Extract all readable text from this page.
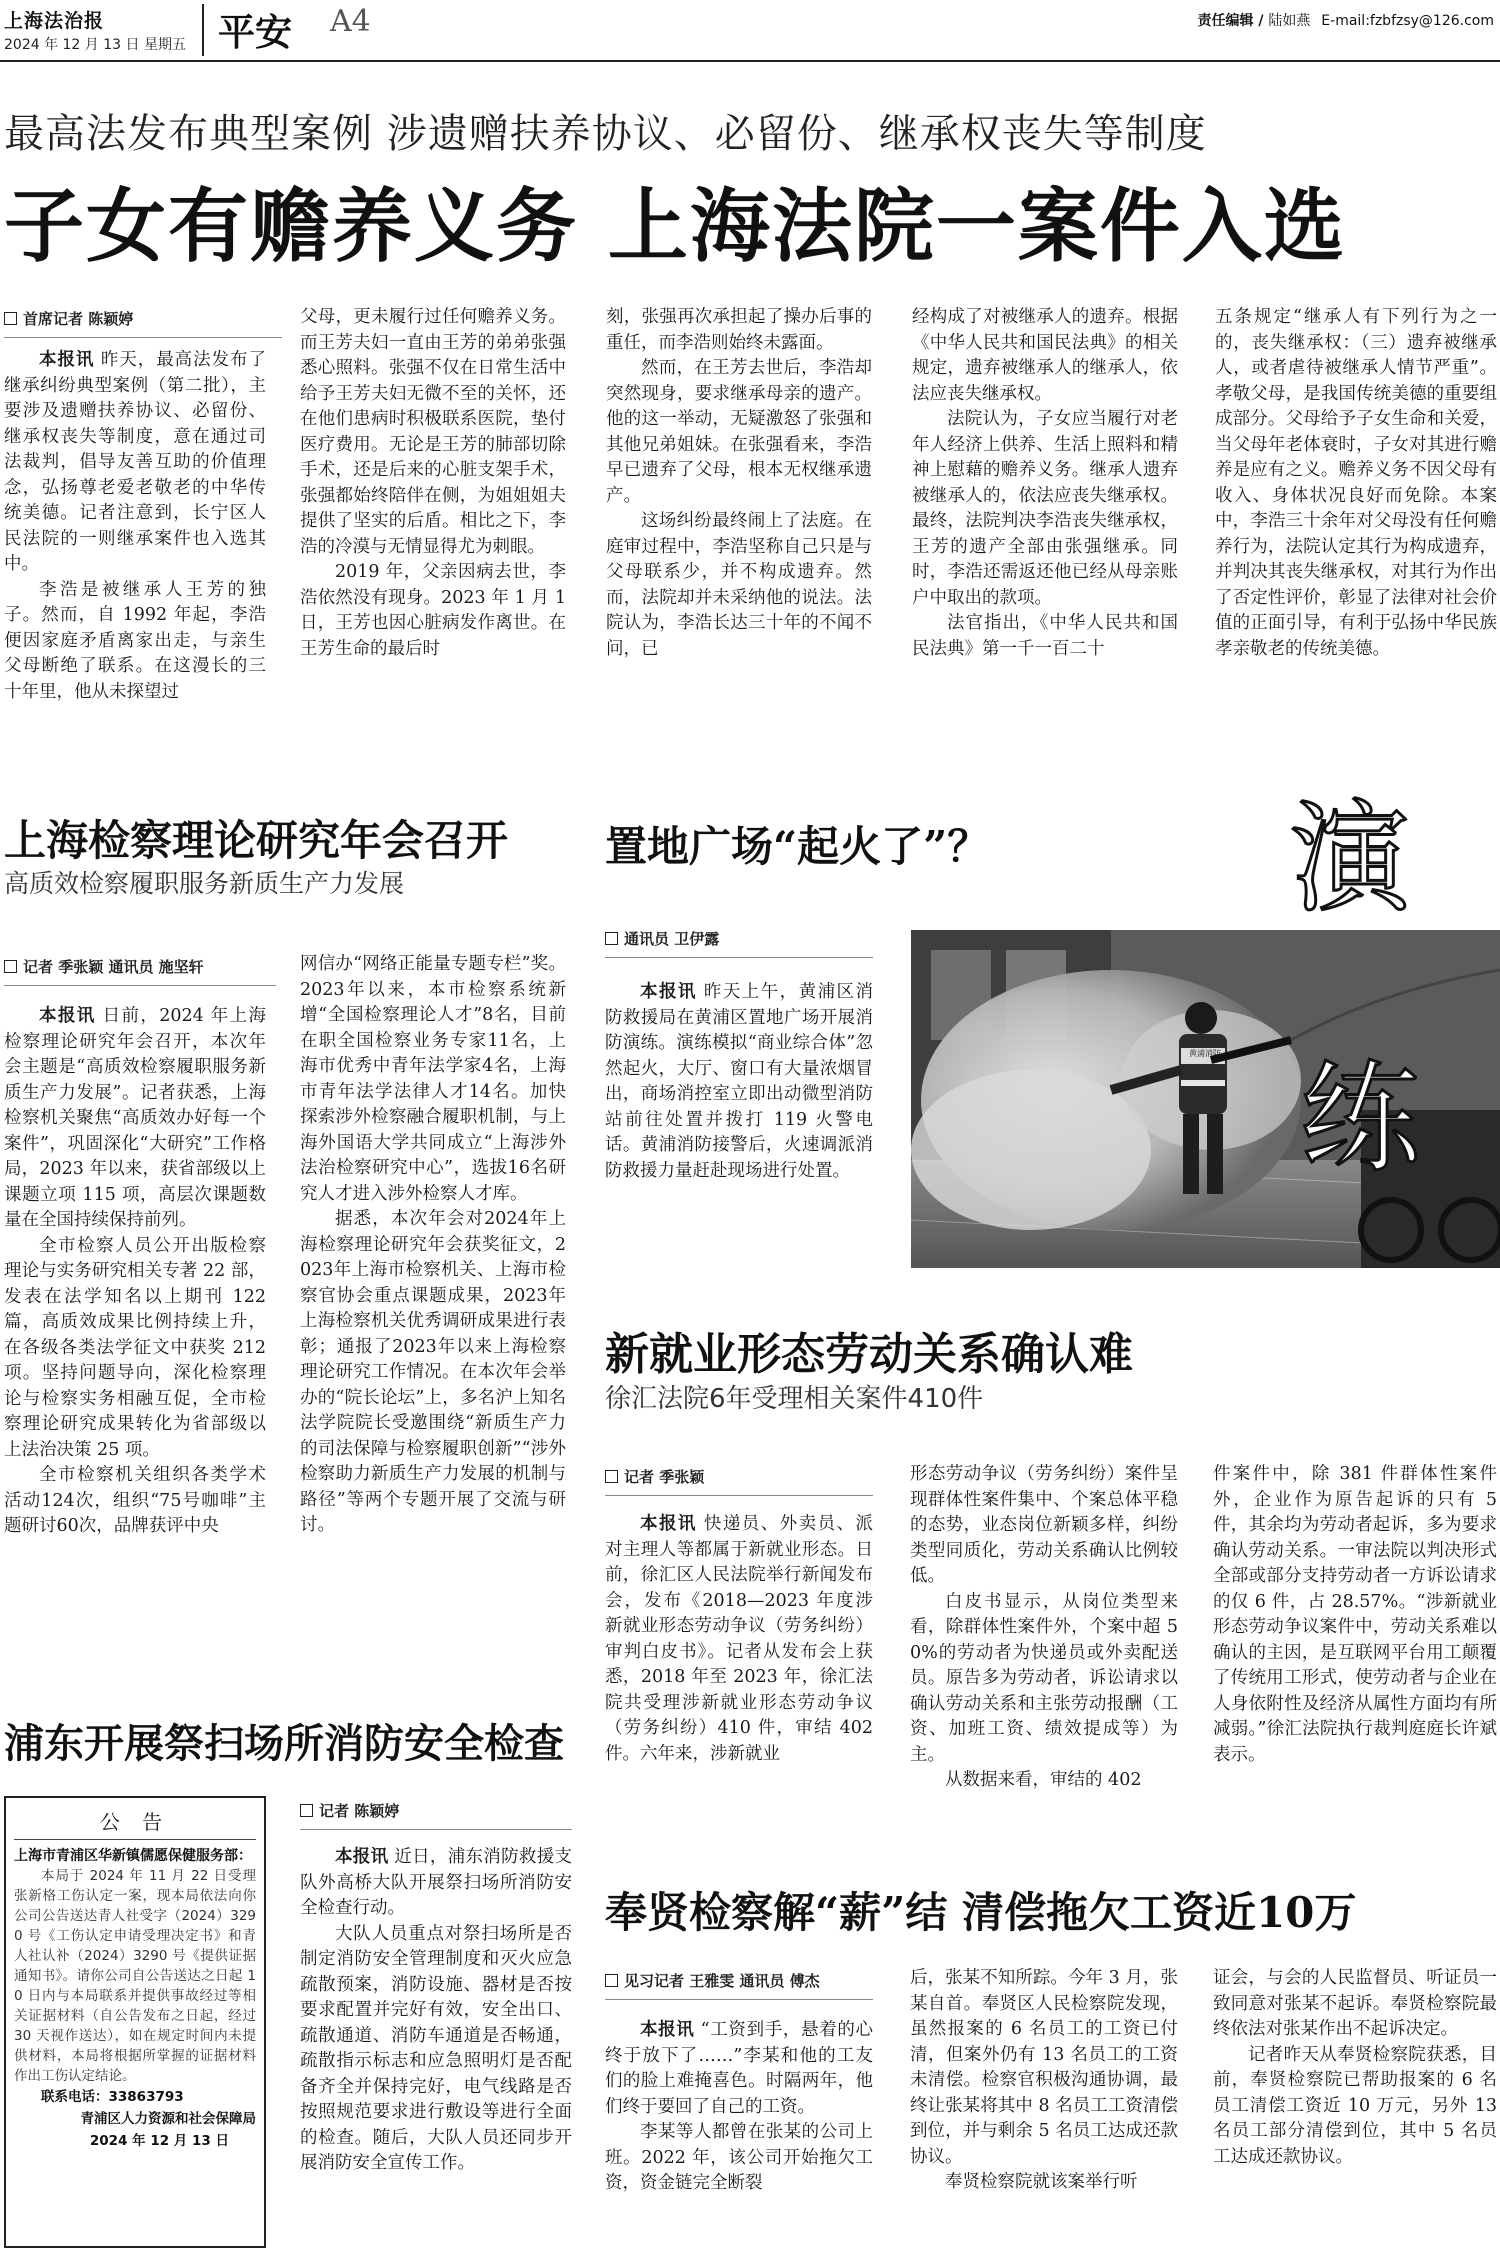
上海法治报
2024 年 12 月 13 日 星期五 平安 A4	责任编辑 / 陆如燕 E-mail:fzbfzsy@126.com
最高法发布典型案例 涉遗赠扶养协议、必留份、继承权丧失等制度
子女有赡养义务 上海法院一案件入选
首席记者 陈颖婷

本报讯 昨天，最高法发布了继承纠纷典型案例（第二批），主要涉及遗赠扶养协议、必留份、继承权丧失等制度，意在通过司法裁判，倡导友善互助的价值理念，弘扬尊老爱老敬老的中华传统美德。记者注意到，长宁区人民法院的一则继承案件也入选其中。

李浩是被继承人王芳的独子。然而，自 1992 年起，李浩便因家庭矛盾离家出走，与亲生父母断绝了联系。在这漫长的三十年里，他从未探望过

父母，更未履行过任何赡养义务。而王芳夫妇一直由王芳的弟弟张强悉心照料。张强不仅在日常生活中给予王芳夫妇无微不至的关怀，还在他们患病时积极联系医院，垫付医疗费用。无论是王芳的肺部切除手术，还是后来的心脏支架手术，张强都始终陪伴在侧，为姐姐姐夫提供了坚实的后盾。相比之下，李浩的冷漠与无情显得尤为刺眼。

2019 年，父亲因病去世，李浩依然没有现身。2023 年 1 月 1 日，王芳也因心脏病发作离世。在王芳生命的最后时

刻，张强再次承担起了操办后事的重任，而李浩则始终未露面。

然而，在王芳去世后，李浩却突然现身，要求继承母亲的遗产。他的这一举动，无疑激怒了张强和其他兄弟姐妹。在张强看来，李浩早已遗弃了父母，根本无权继承遗产。

这场纠纷最终闹上了法庭。在庭审过程中，李浩坚称自己只是与父母联系少，并不构成遗弃。然而，法院却并未采纳他的说法。法院认为，李浩长达三十年的不闻不问，已

经构成了对被继承人的遗弃。根据《中华人民共和国民法典》的相关规定，遗弃被继承人的继承人，依法应丧失继承权。

法院认为，子女应当履行对老年人经济上供养、生活上照料和精神上慰藉的赡养义务。继承人遗弃被继承人的，依法应丧失继承权。最终，法院判决李浩丧失继承权，王芳的遗产全部由张强继承。同时，李浩还需返还他已经从母亲账户中取出的款项。

法官指出，《中华人民共和国民法典》第一千一百二十

五条规定“继承人有下列行为之一的，丧失继承权：（三）遗弃被继承人，或者虐待被继承人情节严重”。孝敬父母，是我国传统美德的重要组成部分。父母给予子女生命和关爱，当父母年老体衰时，子女对其进行赡养是应有之义。赡养义务不因父母有收入、身体状况良好而免除。本案中，李浩三十余年对父母没有任何赡养行为，法院认定其行为构成遗弃，并判决其丧失继承权，对其行为作出了否定性评价，彰显了法律对社会价值的正面引导，有利于弘扬中华民族孝亲敬老的传统美德。

上海检察理论研究年会召开
高质效检察履职服务新质生产力发展
记者 季张颖 通讯员 施坚轩

本报讯 日前，2024 年上海检察理论研究年会召开，本次年会主题是“高质效检察履职服务新质生产力发展”。记者获悉，上海检察机关聚焦“高质效办好每一个案件”，巩固深化“大研究”工作格局，2023 年以来，获省部级以上课题立项 115 项，高层次课题数量在全国持续保持前列。

全市检察人员公开出版检察理论与实务研究相关专著 22 部，发表在法学知名以上期刊 122 篇，高质效成果比例持续上升，在各级各类法学征文中获奖 212 项。坚持问题导向，深化检察理论与检察实务相融互促，全市检察理论研究成果转化为省部级以上法治决策 25 项。

全市检察机关组织各类学术活动124次，组织“75号咖啡”主题研讨60次，品牌获评中央

网信办“网络正能量专题专栏”奖。2023年以来，本市检察系统新增“全国检察理论人才”8名，目前在职全国检察业务专家11名，上海市优秀中青年法学家4名，上海市青年法学法律人才14名。加快探索涉外检察融合履职机制，与上海外国语大学共同成立“上海涉外法治检察研究中心”，选拔16名研究人才进入涉外检察人才库。

据悉，本次年会对2024年上海检察理论研究年会获奖征文，2023年上海市检察机关、上海市检察官协会重点课题成果，2023年上海检察机关优秀调研成果进行表彰；通报了2023年以来上海检察理论研究工作情况。在本次年会举办的“院长论坛”上，多名沪上知名法学院院长受邀围绕“新质生产力的司法保障与检察履职创新”“涉外检察助力新质生产力发展的机制与路径”等两个专题开展了交流与研讨。

置地广场“起火了”？
通讯员 卫伊露

本报讯 昨天上午，黄浦区消防救援局在黄浦区置地广场开展消防演练。演练模拟“商业综合体”忽然起火，大厅、窗口有大量浓烟冒出，商场消控室立即出动微型消防站前往处置并拨打 119 火警电话。黄浦消防接警后，火速调派消防救援力量赶赴现场进行处置。

黄浦消防
演
练
新就业形态劳动关系确认难
徐汇法院6年受理相关案件410件
记者 季张颖

本报讯 快递员、外卖员、派对主理人等都属于新就业形态。日前，徐汇区人民法院举行新闻发布会，发布《2018—2023 年度涉新就业形态劳动争议（劳务纠纷）审判白皮书》。记者从发布会上获悉，2018 年至 2023 年，徐汇法院共受理涉新就业形态劳动争议（劳务纠纷）410 件，审结 402 件。六年来，涉新就业

形态劳动争议（劳务纠纷）案件呈现群体性案件集中、个案总体平稳的态势，业态岗位新颖多样，纠纷类型同质化，劳动关系确认比例较低。

白皮书显示，从岗位类型来看，除群体性案件外，个案中超 50%的劳动者为快递员或外卖配送员。原告多为劳动者，诉讼请求以确认劳动关系和主张劳动报酬（工资、加班工资、绩效提成等）为主。

从数据来看，审结的 402

件案件中，除 381 件群体性案件外，企业作为原告起诉的只有 5 件，其余均为劳动者起诉，多为要求确认劳动关系。一审法院以判决形式全部或部分支持劳动者一方诉讼请求的仅 6 件，占 28.57%。“涉新就业形态劳动争议案件中，劳动关系难以确认的主因，是互联网平台用工颠覆了传统用工形式，使劳动者与企业在人身依附性及经济从属性方面均有所减弱。”徐汇法院执行裁判庭庭长许斌表示。

浦东开展祭扫场所消防安全检查
记者 陈颖婷

本报讯 近日，浦东消防救援支队外高桥大队开展祭扫场所消防安全检查行动。

大队人员重点对祭扫场所是否制定消防安全管理制度和灭火应急疏散预案，消防设施、器材是否按要求配置并完好有效，安全出口、疏散通道、消防车通道是否畅通，疏散指示标志和应急照明灯是否配备齐全并保持完好，电气线路是否按照规范要求进行敷设等进行全面的检查。随后，大队人员还同步开展消防安全宣传工作。

公 告
上海市青浦区华新镇儒愿保健服务部：
本局于 2024 年 11 月 22 日受理张新格工伤认定一案，现本局依法向你公司公告送达青人社受字（2024）3290 号《工伤认定申请受理决定书》和青人社认补（2024）3290 号《提供证据通知书》。请你公司自公告送达之日起 10 日内与本局联系并提供事故经过等相关证据材料（自公告发布之日起，经过 30 天视作送达），如在规定时间内未提供材料，本局将根据所掌握的证据材料作出工伤认定结论。
联系电话：33863793
青浦区人力资源和社会保障局
2024 年 12 月 13 日
奉贤检察解“薪”结 清偿拖欠工资近10万
见习记者 王雅雯 通讯员 傅杰

本报讯 “工资到手，悬着的心终于放下了……”李某和他的工友们的脸上难掩喜色。时隔两年，他们终于要回了自己的工资。

李某等人都曾在张某的公司上班。2022 年，该公司开始拖欠工资，资金链完全断裂

后，张某不知所踪。今年 3 月，张某自首。奉贤区人民检察院发现，虽然报案的 6 名员工的工资已付清，但案外仍有 13 名员工的工资未清偿。检察官积极沟通协调，最终让张某将其中 8 名员工工资清偿到位，并与剩余 5 名员工达成还款协议。

奉贤检察院就该案举行听

证会，与会的人民监督员、听证员一致同意对张某不起诉。奉贤检察院最终依法对张某作出不起诉决定。

记者昨天从奉贤检察院获悉，目前，奉贤检察院已帮助报案的 6 名员工清偿工资近 10 万元，另外 13 名员工部分清偿到位，其中 5 名员工达成还款协议。
